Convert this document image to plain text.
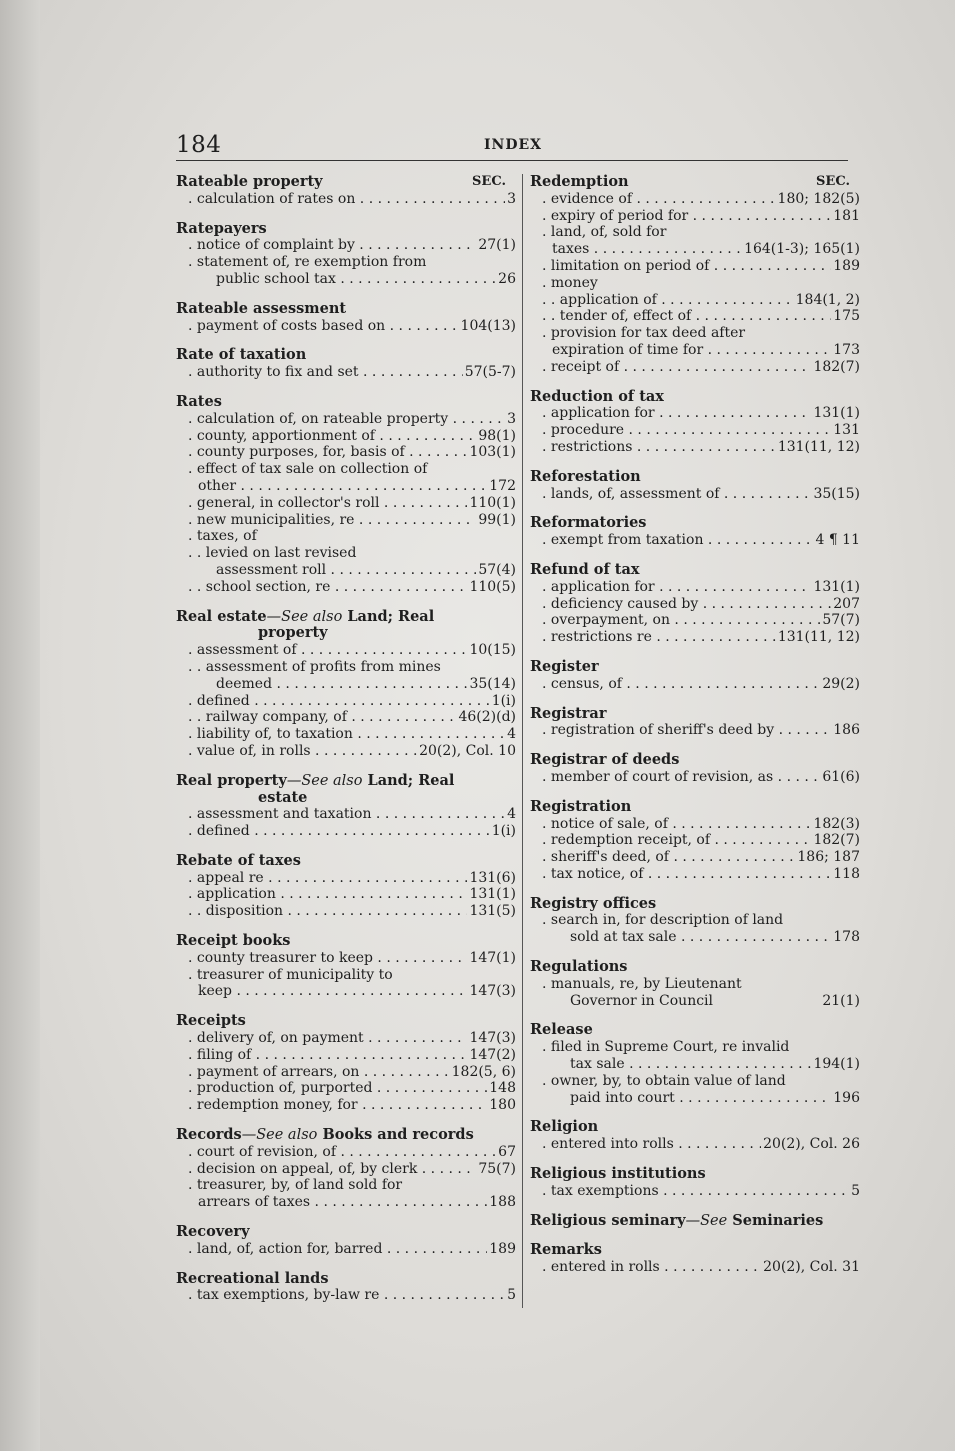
184	INDEX
SEC.
Rateable property
. calculation of rates on . . .	3
Ratepayers
. notice of complaint by . . .	27(1)
. statement of, re exemption from
public school tax . . .	26
Rateable assessment
. payment of costs based on . . .	104(13)
Rate of taxation
. authority to fix and set . . .	57(5-7)
Rates
. calculation of, on rateable property . . .	3
. county, apportionment of . . .	98(1)
. county purposes, for, basis of . . .	103(1)
. effect of tax sale on collection of
other . . .	172
. general, in collector's roll . . .	110(1)
. new municipalities, re . . .	99(1)
. taxes, of
. . levied on last revised
assessment roll . . .	57(4)
. . school section, re . . .	110(5)
Real estate—See also Land; Real
property
. assessment of . . .	10(15)
. . assessment of profits from mines
deemed . . .	35(14)
. defined . . .	1(i)
. . railway company, of . . .	46(2)(d)
. liability of, to taxation . . .	4
. value of, in rolls . . .	20(2), Col. 10
Real property—See also Land; Real
estate
. assessment and taxation . . .	4
. defined . . .	1(i)
Rebate of taxes
. appeal re . . .	131(6)
. application . . .	131(1)
. . disposition . . .	131(5)
Receipt books
. county treasurer to keep . . .	147(1)
. treasurer of municipality to
keep . . .	147(3)
Receipts
. delivery of, on payment . . .	147(3)
. filing of . . .	147(2)
. payment of arrears, on . . .	182(5, 6)
. production of, purported . . .	148
. redemption money, for . . .	180
Records—See also Books and records
. court of revision, of . . .	67
. decision on appeal, of, by clerk . . .	75(7)
. treasurer, by, of land sold for
arrears of taxes . . .	188
Recovery
. land, of, action for, barred . . .	189
Recreational lands
. tax exemptions, by-law re . . .	5
SEC.
Redemption
. evidence of . . .	180; 182(5)
. expiry of period for . . .	181
. land, of, sold for
taxes . . .	164(1-3); 165(1)
. limitation on period of . . .	189
. money
. . application of . . .	184(1, 2)
. . tender of, effect of . . .	175
. provision for tax deed after
expiration of time for . . .	173
. receipt of . . .	182(7)
Reduction of tax
. application for . . .	131(1)
. procedure . . .	131
. restrictions . . .	131(11, 12)
Reforestation
. lands, of, assessment of . . .	35(15)
Reformatories
. exempt from taxation . . .	4 ¶ 11
Refund of tax
. application for . . .	131(1)
. deficiency caused by . . .	207
. overpayment, on . . .	57(7)
. restrictions re . . .	131(11, 12)
Register
. census, of . . .	29(2)
Registrar
. registration of sheriff's deed by . . .	186
Registrar of deeds
. member of court of revision, as . . .	61(6)
Registration
. notice of sale, of . . .	182(3)
. redemption receipt, of . . .	182(7)
. sheriff's deed, of . . .	186; 187
. tax notice, of . . .	118
Registry offices
. search in, for description of land
sold at tax sale . . .	178
Regulations
. manuals, re, by Lieutenant
Governor in Council	21(1)
Release
. filed in Supreme Court, re invalid
tax sale . . .	194(1)
. owner, by, to obtain value of land
paid into court . . .	196
Religion
. entered into rolls . . .	20(2), Col. 26
Religious institutions
. tax exemptions . . .	5
Religious seminary—See Seminaries
Remarks
. entered in rolls . . .	20(2), Col. 31
